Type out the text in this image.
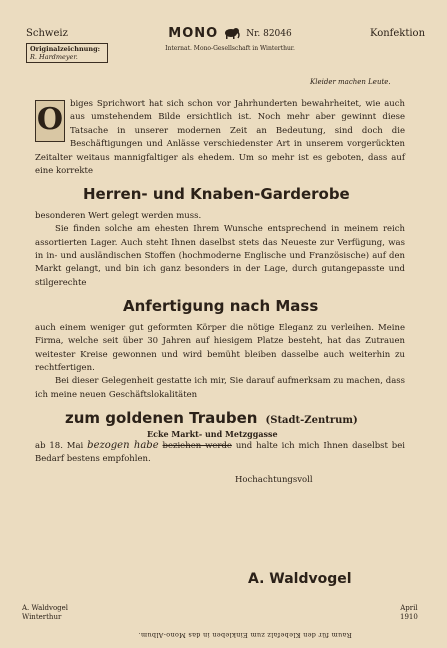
Schweiz
Originalzeichnung:
R. Hardmeyer.
MONO	Nr. 82046
Internat. Mono-Gesellschaft in Winterthur.
Konfektion
Kleider machen Leute.

O biges Sprichwort hat sich schon vor Jahrhunderten bewahrheitet, wie auch aus umstehendem Bilde ersichtlich ist. Noch mehr aber gewinnt diese Tatsache in unserer modernen Zeit an Bedeutung, sind doch die Beschäftigungen und Anlässe verschiedenster Art in unserem vorgerückten Zeitalter weitaus mannigfaltiger als ehedem. Um so mehr ist es geboten, dass auf eine korrekte

Herren- und Knaben-Garderobe

besonderen Wert gelegt werden muss.

Sie finden solche am ehesten Ihrem Wunsche entsprechend in meinem reich assortierten Lager. Auch steht Ihnen daselbst stets das Neueste zur Verfügung, was in in- und ausländischen Stoffen (hochmoderne Englische und Französische) auf den Markt gelangt, und bin ich ganz besonders in der Lage, durch gutangepasste und stilgerechte

Anfertigung nach Mass

auch einem weniger gut geformten Körper die nötige Eleganz zu verleihen. Meine Firma, welche seit über 30 Jahren auf hiesigem Platze besteht, hat das Zutrauen weitester Kreise gewonnen und wird bemüht bleiben dasselbe auch weiterhin zu rechtfertigen.

Bei dieser Gelegenheit gestatte ich mir, Sie darauf aufmerksam zu machen, dass ich meine neuen Geschäftslokalitäten

zum goldenen Trauben (Stadt-Zentrum)
Ecke Markt- und Metzggasse

ab 18. Mai bezogen habe beziehen werde und halte ich mich Ihnen daselbst bei Bedarf bestens empfohlen.

Hochachtungsvoll
A. Waldvogel
A. Waldvogel
Winterthur
April
1910
Raum für den Klebefalz zum Einkleben in das Mono-Album.
